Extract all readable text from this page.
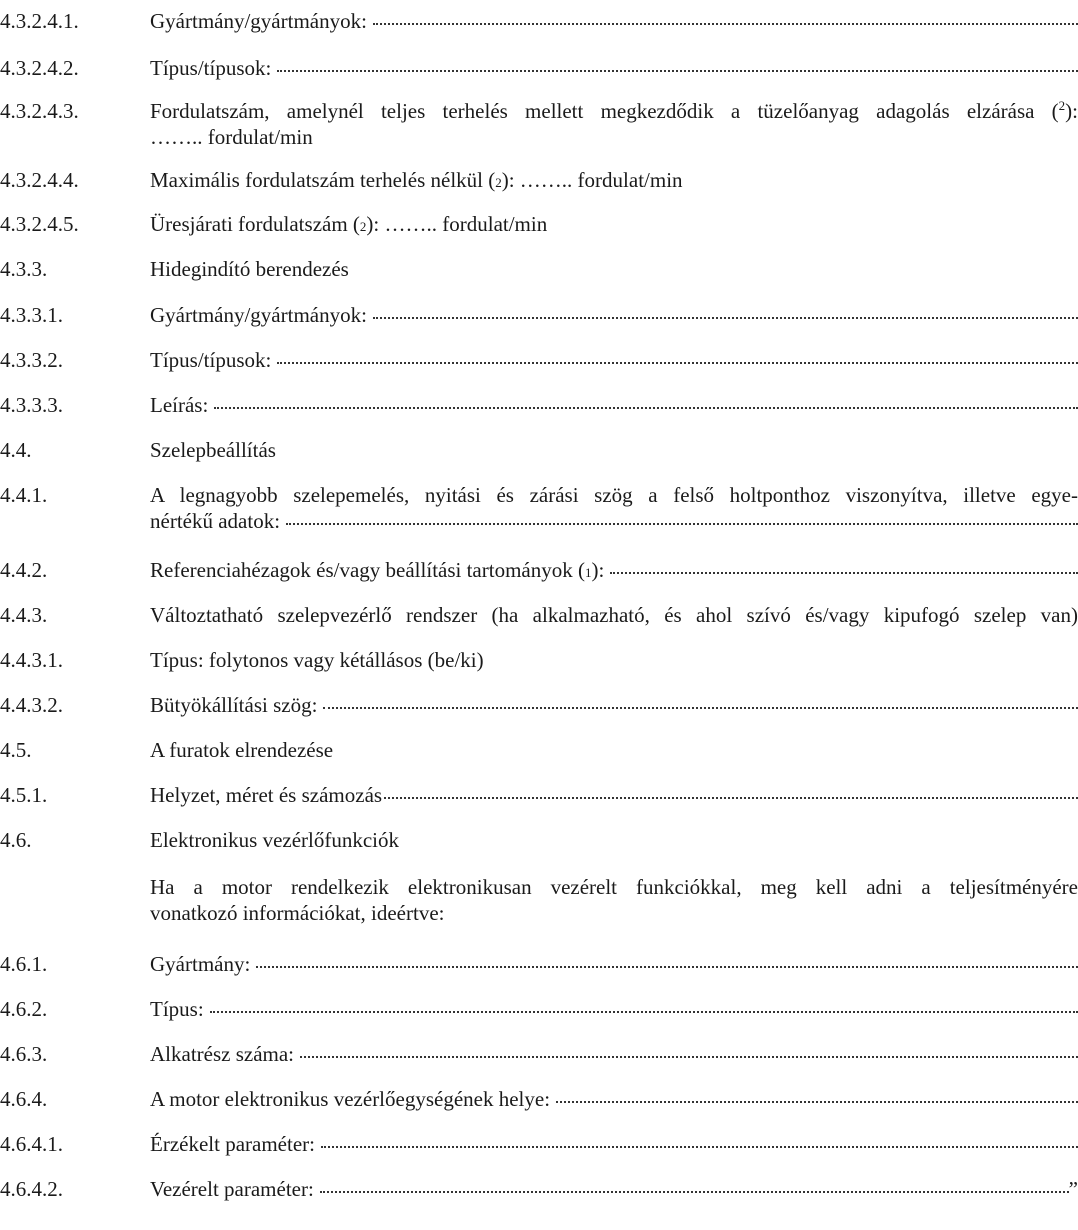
4.3.2.4.1.	Gyártmány/gyártmányok:
4.3.2.4.2.	Típus/típusok:
4.3.2.4.3.	Fordulatszám, amelynél teljes terhelés mellett megkezdődik a tüzelőanyag adagolás elzárása ($^2$):
…….. fordulat/min
4.3.2.4.4.	Maximális fordulatszám terhelés nélkül ( 2 ): …….. fordulat/min
4.3.2.4.5.	Üresjárati fordulatszám ( 2 ): …….. fordulat/min
4.3.3.	Hidegindító berendezés
4.3.3.1.	Gyártmány/gyártmányok:
4.3.3.2.	Típus/típusok:
4.3.3.3.	Leírás:
4.4.	Szelepbeállítás
4.4.1.	A legnagyobb szelepemelés, nyitási és zárási szög a felső holtponthoz viszonyítva, illetve egye-
nértékű adatok:
4.4.2.	Referenciahézagok és/vagy beállítási tartományok ( 1 ):
4.4.3.	Változtatható szelepvezérlő rendszer (ha alkalmazható, és ahol szívó és/vagy kipufogó szelep van)
4.4.3.1.	Típus: folytonos vagy kétállásos (be/ki)
4.4.3.2.	Bütyökállítási szög:
4.5.	A furatok elrendezése
4.5.1.	Helyzet, méret és számozás
4.6.	Elektronikus vezérlőfunkciók
Ha a motor rendelkezik elektronikusan vezérelt funkciókkal, meg kell adni a teljesítményére
vonatkozó információkat, ideértve:
4.6.1.	Gyártmány:
4.6.2.	Típus:
4.6.3.	Alkatrész száma:
4.6.4.	A motor elektronikus vezérlőegységének helye:
4.6.4.1.	Érzékelt paraméter:
4.6.4.2.	Vezérelt paraméter:	”
